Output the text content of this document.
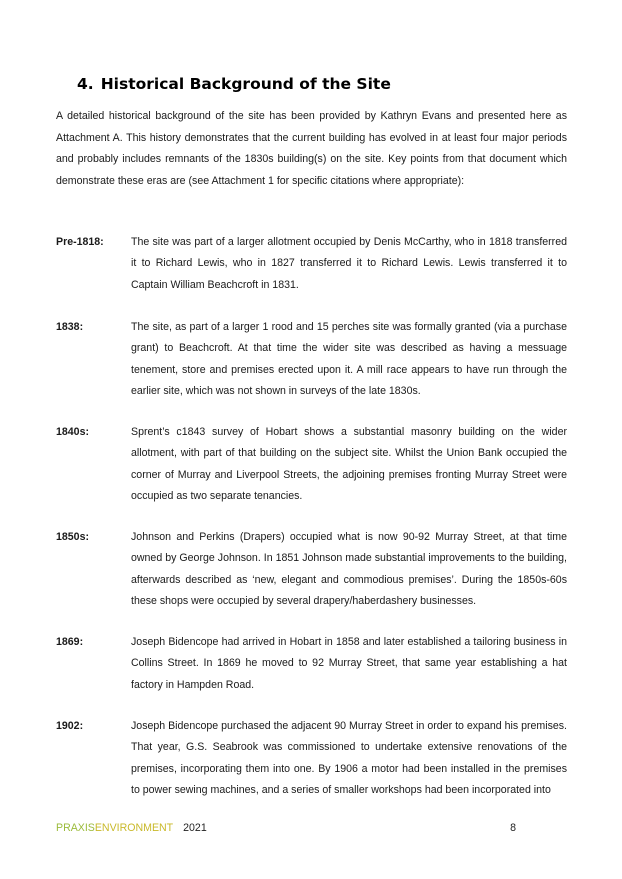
4. Historical Background of the Site

A detailed historical background of the site has been provided by Kathryn Evans and presented here as Attachment A. This history demonstrates that the current building has evolved in at least four major periods and probably includes remnants of the 1830s building(s) on the site. Key points from that document which demonstrate these eras are (see Attachment 1 for specific citations where appropriate):

Pre-1818:	The site was part of a larger allotment occupied by Denis McCarthy, who in 1818 transferred it to Richard Lewis, who in 1827 transferred it to Richard Lewis. Lewis transferred it to Captain William Beachcroft in 1831.
1838:	The site, as part of a larger 1 rood and 15 perches site was formally granted (via a purchase grant) to Beachcroft. At that time the wider site was described as having a messuage tenement, store and premises erected upon it. A mill race appears to have run through the earlier site, which was not shown in surveys of the late 1830s.
1840s:	Sprent’s c1843 survey of Hobart shows a substantial masonry building on the wider allotment, with part of that building on the subject site. Whilst the Union Bank occupied the corner of Murray and Liverpool Streets, the adjoining premises fronting Murray Street were occupied as two separate tenancies.
1850s:	Johnson and Perkins (Drapers) occupied what is now 90-92 Murray Street, at that time owned by George Johnson. In 1851 Johnson made substantial improvements to the building, afterwards described as ‘new, elegant and commodious premises’. During the 1850s-60s these shops were occupied by several drapery/haberdashery businesses.
1869:	Joseph Bidencope had arrived in Hobart in 1858 and later established a tailoring business in Collins Street. In 1869 he moved to 92 Murray Street, that same year establishing a hat factory in Hampden Road.
1902:	Joseph Bidencope purchased the adjacent 90 Murray Street in order to expand his premises. That year, G.S. Seabrook was commissioned to undertake extensive renovations of the premises, incorporating them into one. By 1906 a motor had been installed in the premises to power sewing machines, and a series of smaller workshops had been incorporated into
PRAXISENVIRONMENT 2021	8
